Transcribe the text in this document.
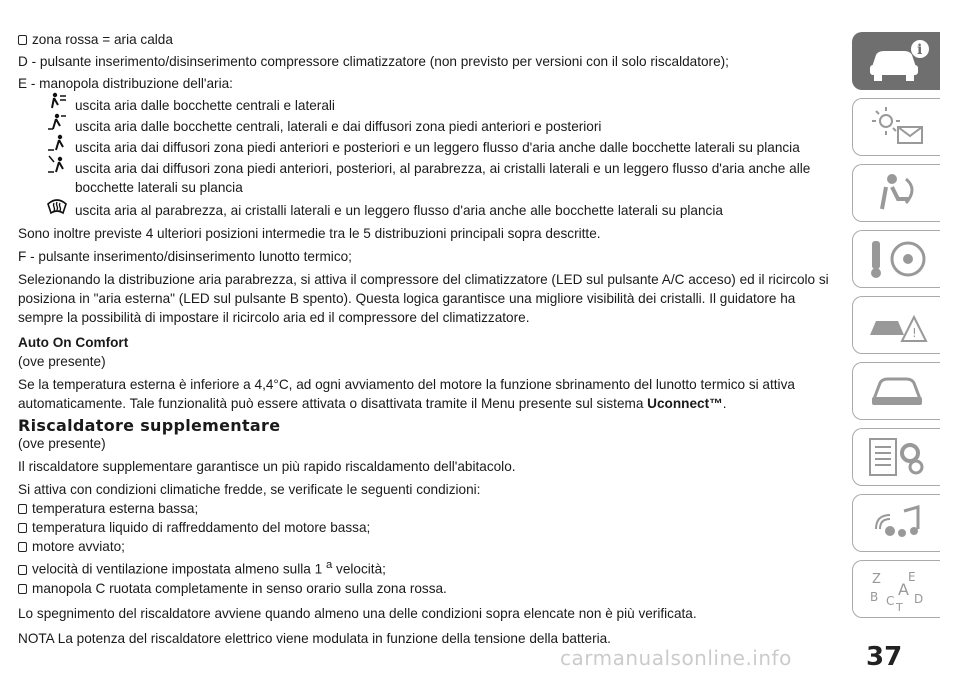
zona rossa = aria calda
D - pulsante inserimento/disinserimento compressore climatizzatore (non previsto per versioni con il solo riscaldatore);
E - manopola distribuzione dell'aria:
uscita aria dalle bocchette centrali e laterali
uscita aria dalle bocchette centrali, laterali e dai diffusori zona piedi anteriori e posteriori
uscita aria dai diffusori zona piedi anteriori e posteriori e un leggero flusso d'aria anche dalle bocchette laterali su plancia
uscita aria dai diffusori zona piedi anteriori, posteriori, al parabrezza, ai cristalli laterali e un leggero flusso d'aria anche alle bocchette laterali su plancia
uscita aria al parabrezza, ai cristalli laterali e un leggero flusso d'aria anche alle bocchette laterali su plancia
Sono inoltre previste 4 ulteriori posizioni intermedie tra le 5 distribuzioni principali sopra descritte.
F - pulsante inserimento/disinserimento lunotto termico;
Selezionando la distribuzione aria parabrezza, si attiva il compressore del climatizzatore (LED sul pulsante A/C acceso) ed il ricircolo si posiziona in "aria esterna" (LED sul pulsante B spento). Questa logica garantisce una migliore visibilità dei cristalli. Il guidatore ha sempre la possibilità di impostare il ricircolo aria ed il compressore del climatizzatore.
Auto On Comfort
(ove presente)
Se la temperatura esterna è inferiore a 4,4°C, ad ogni avviamento del motore la funzione sbrinamento del lunotto termico si attiva automaticamente. Tale funzionalità può essere attivata o disattivata tramite il Menu presente sul sistema Uconnect™.
Riscaldatore supplementare
(ove presente)
Il riscaldatore supplementare garantisce un più rapido riscaldamento dell'abitacolo.
Si attiva con condizioni climatiche fredde, se verificate le seguenti condizioni:
temperatura esterna bassa;
temperatura liquido di raffreddamento del motore bassa;
motore avviato;
velocità di ventilazione impostata almeno sulla 1 $^a$ velocità;
manopola C ruotata completamente in senso orario sulla zona rossa.
Lo spegnimento del riscaldatore avviene quando almeno una delle condizioni sopra elencate non è più verificata.
NOTA La potenza del riscaldatore elettrico viene modulata in funzione della tensione della batteria.
i
!
Z E
A
B C D
T
carmanualsonline.info	37
